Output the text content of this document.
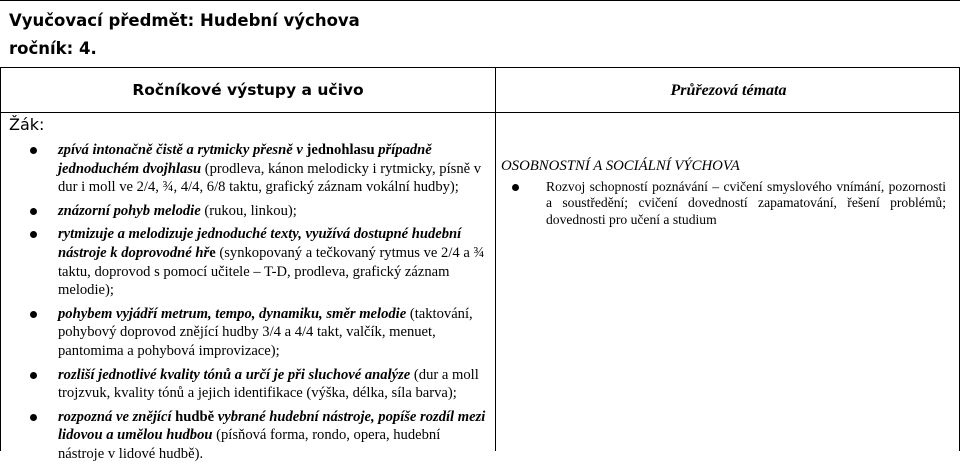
Vyučovací předmět: Hudební výchova
ročník: 4.
Ročníkové výstupy a učivo	Průřezová témata
Žák:
zpívá intonačně čistě a rytmicky přesně v jednohlasu případně jednoduchém dvojhlasu (prodleva, kánon melodicky i rytmicky, písně v dur i moll ve 2/4, ¾, 4/4, 6/8 taktu, grafický záznam vokální hudby);
znázorní pohyb melodie (rukou, linkou);
rytmizuje a melodizuje jednoduché texty, využívá dostupné hudební nástroje k doprovodné hře (synkopovaný a tečkovaný rytmus ve 2/4 a ¾ taktu, doprovod s pomocí učitele – T-D, prodleva, grafický záznam melodie);
pohybem vyjádří metrum, tempo, dynamiku, směr melodie (taktování, pohybový doprovod znějící hudby 3/4 a 4/4 takt, valčík, menuet, pantomima a pohybová improvizace);
rozliší jednotlivé kvality tónů a určí je při sluchové analýze (dur a moll trojzvuk, kvality tónů a jejich identifikace (výška, délka, síla barva);
rozpozná ve znějící hudbě vybrané hudební nástroje, popíše rozdíl mezi lidovou a umělou hudbou (písňová forma, rondo, opera, hudební nástroje v lidové hudbě).
OSOBNOSTNÍ A SOCIÁLNÍ VÝCHOVA
Rozvoj schopností poznávání – cvičení smyslového vnímání, pozornosti a soustředění; cvičení dovedností zapamatování, řešení problémů; dovednosti pro učení a studium
